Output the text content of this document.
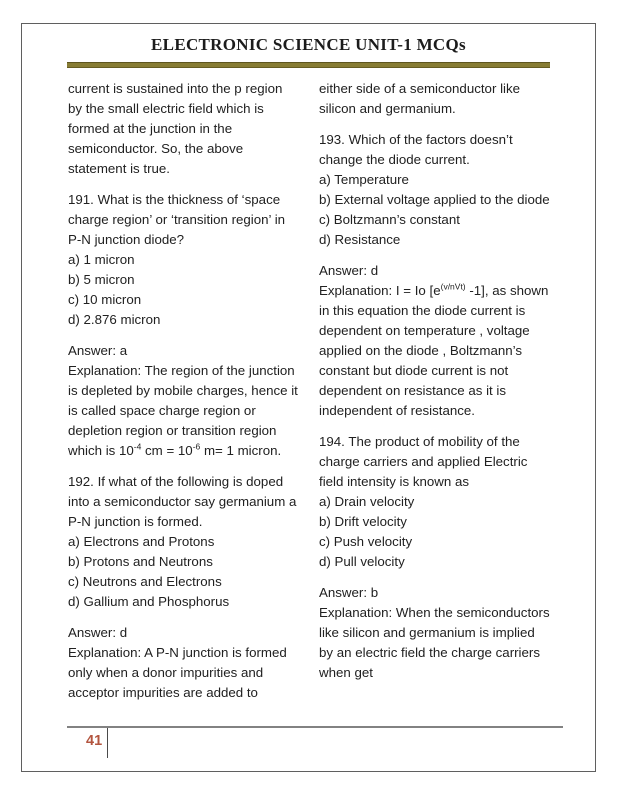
ELECTRONIC SCIENCE UNIT-1 MCQs

current is sustained into the p region by the small electric field which is formed at the junction in the semiconductor. So, the above statement is true.

191. What is the thickness of ‘space charge region’ or ‘transition region’ in P-N junction diode?

a) 1 micron

b) 5 micron

c) 10 micron

d) 2.876 micron

Answer: a

Explanation: The region of the junction is depleted by mobile charges, hence it is called space charge region or depletion region or transition region which is $10^{-4}$ cm = $10^{-6}$ m= 1 micron.

192. If what of the following is doped into a semiconductor say germanium a P-N junction is formed.

a) Electrons and Protons

b) Protons and Neutrons

c) Neutrons and Electrons

d) Gallium and Phosphorus

Answer: d

Explanation: A P-N junction is formed only when a donor impurities and acceptor impurities are added to

either side of a semiconductor like silicon and germanium.

193. Which of the factors doesn’t change the diode current.

a) Temperature

b) External voltage applied to the diode

c) Boltzmann’s constant

d) Resistance

Answer: d

Explanation: I = Io [$e^{(v/nVt)}$ -1], as shown in this equation the diode current is dependent on temperature , voltage applied on the diode , Boltzmann’s constant but diode current is not dependent on resistance as it is independent of resistance.

194. The product of mobility of the charge carriers and applied Electric field intensity is known as

a) Drain velocity

b) Drift velocity

c) Push velocity

d) Pull velocity

Answer: b

Explanation: When the semiconductors like silicon and germanium is implied by an electric field the charge carriers when get

41
